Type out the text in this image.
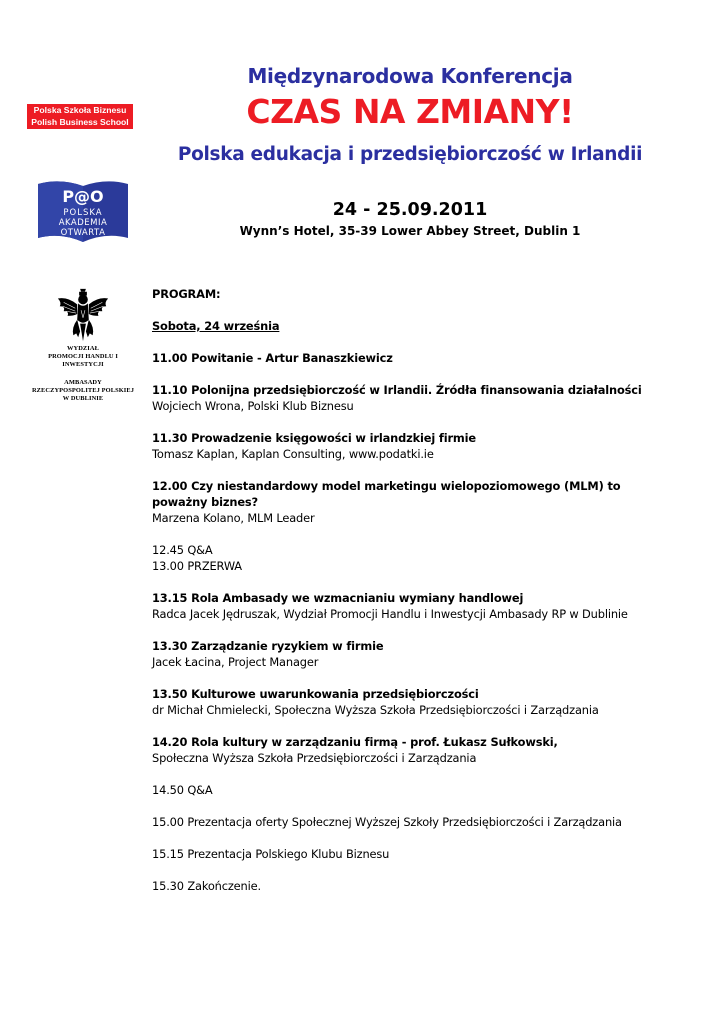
Polska Szkoła Biznesu
Polish Business School
P@O
POLSKA
AKADEMIA
OTWARTA
WYDZIAŁ
PROMOCJI HANDLU I INWESTYCJI
AMBASADY
RZECZYPOSPOLITEJ POLSKIEJ
W DUBLINIE
Międzynarodowa Konferencja
CZAS NA ZMIANY!
Polska edukacja i przedsiębiorczość w Irlandii
24 - 25.09.2011
Wynn’s Hotel, 35-39 Lower Abbey Street, Dublin 1
PROGRAM:
Sobota, 24 września
11.00 Powitanie - Artur Banaszkiewicz
11.10 Polonijna przedsiębiorczość w Irlandii. Źródła finansowania działalności
Wojciech Wrona, Polski Klub Biznesu
11.30 Prowadzenie księgowości w irlandzkiej firmie
Tomasz Kaplan, Kaplan Consulting, www.podatki.ie
12.00 Czy niestandardowy model marketingu wielopoziomowego (MLM) to
poważny biznes?
Marzena Kolano, MLM Leader
12.45 Q&A
13.00 PRZERWA
13.15 Rola Ambasady we wzmacnianiu wymiany handlowej
Radca Jacek Jędruszak, Wydział Promocji Handlu i Inwestycji Ambasady RP w Dublinie
13.30 Zarządzanie ryzykiem w firmie
Jacek Łacina, Project Manager
13.50 Kulturowe uwarunkowania przedsiębiorczości
dr Michał Chmielecki, Społeczna Wyższa Szkoła Przedsiębiorczości i Zarządzania
14.20 Rola kultury w zarządzaniu firmą - prof. Łukasz Sułkowski,
Społeczna Wyższa Szkoła Przedsiębiorczości i Zarządzania
14.50 Q&A
15.00 Prezentacja oferty Społecznej Wyższej Szkoły Przedsiębiorczości i Zarządzania
15.15 Prezentacja Polskiego Klubu Biznesu
15.30 Zakończenie.
